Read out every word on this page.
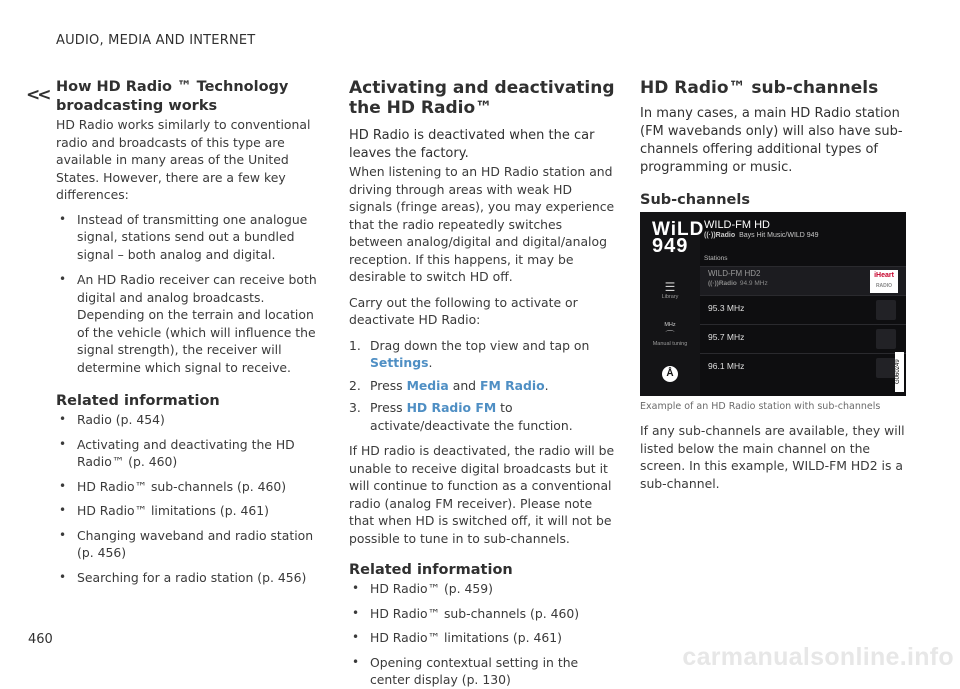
AUDIO, MEDIA AND INTERNET
<< How HD Radio ™ Technology broadcasting works

HD Radio works similarly to conventional radio and broadcasts of this type are available in many areas of the United States. However, there are a few key differences:

• Instead of transmitting one analogue signal, stations send out a bundled signal – both analog and digital.
• An HD Radio receiver can receive both digital and analog broadcasts. Depending on the terrain and location of the vehicle (which will influence the signal strength), the receiver will determine which signal to receive.
Related information
• Radio (p. 454)
• Activating and deactivating the HD Radio™ (p. 460)
• HD Radio™ sub-channels (p. 460)
• HD Radio™ limitations (p. 461)
• Changing waveband and radio station (p. 456)
• Searching for a radio station (p. 456)
Activating and deactivating the HD Radio™

HD Radio is deactivated when the car leaves the factory.

When listening to an HD Radio station and driving through areas with weak HD signals (fringe areas), you may experience that the radio repeatedly switches between analog/digital and digital/analog reception. If this happens, it may be desirable to switch HD off.

Carry out the following to activate or deactivate HD Radio:

1. Drag down the top view and tap on Settings.
2. Press Media and FM Radio.
3. Press HD Radio FM to activate/deactivate the function.

If HD radio is deactivated, the radio will be unable to receive digital broadcasts but it will continue to function as a conventional radio (analog FM receiver). Please note that when HD is switched off, it will not be possible to tune in to sub-channels.

Related information
• HD Radio™ (p. 459)
• HD Radio™ sub-channels (p. 460)
• HD Radio™ limitations (p. 461)
• Opening contextual setting in the center display (p. 130)
HD Radio™ sub-channels

In many cases, a main HD Radio station (FM wavebands only) will also have sub-channels offering additional types of programming or music.

Sub-channels
WiLD
949
WILD-FM HD
((·))Radio Bays Hit Music/WILD 949
Stations
WILD-FM HD2
((·))Radio 94.9 MHz
iHeart
RADIO
95.3 MHz
95.7 MHz
96.1 MHz
☰
Library
MHz
⌒
Manual tuning
Å	G060249
Example of an HD Radio station with sub-channels

If any sub-channels are available, they will listed below the main channel on the screen. In this example, WILD-FM HD2 is a sub-channel.

460
carmanualsonline.info
